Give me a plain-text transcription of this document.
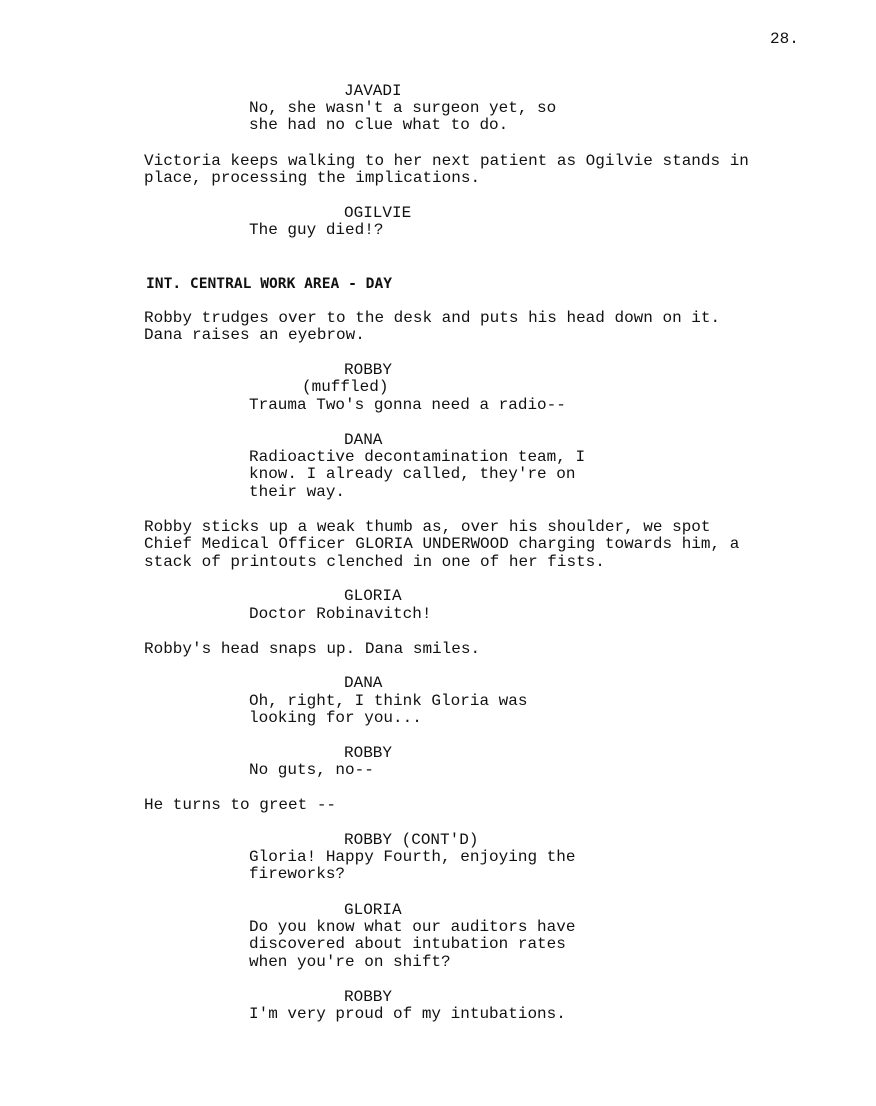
28.
JAVADI
No, she wasn't a surgeon yet, so
she had no clue what to do.
Victoria keeps walking to her next patient as Ogilvie stands in
place, processing the implications.
OGILVIE
The guy died!?
INT. CENTRAL WORK AREA - DAY
Robby trudges over to the desk and puts his head down on it.
Dana raises an eyebrow.
ROBBY
(muffled)
Trauma Two's gonna need a radio--
DANA
Radioactive decontamination team, I
know. I already called, they're on
their way.
Robby sticks up a weak thumb as, over his shoulder, we spot
Chief Medical Officer GLORIA UNDERWOOD charging towards him, a
stack of printouts clenched in one of her fists.
GLORIA
Doctor Robinavitch!
Robby's head snaps up. Dana smiles.
DANA
Oh, right, I think Gloria was
looking for you...
ROBBY
No guts, no--
He turns to greet --
ROBBY (CONT'D)
Gloria! Happy Fourth, enjoying the
fireworks?
GLORIA
Do you know what our auditors have
discovered about intubation rates
when you're on shift?
ROBBY
I'm very proud of my intubations.
